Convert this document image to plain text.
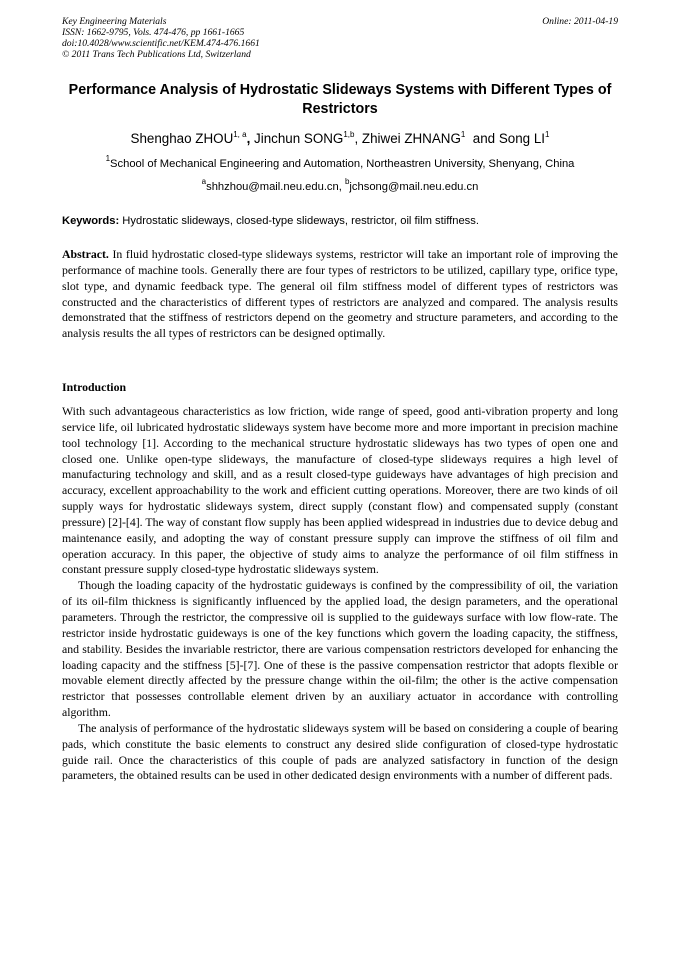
Key Engineering Materials
ISSN: 1662-9795, Vols. 474-476, pp 1661-1665
doi:10.4028/www.scientific.net/KEM.474-476.1661
© 2011 Trans Tech Publications Ltd, Switzerland
Online: 2011-04-19
Performance Analysis of Hydrostatic Slideways Systems with Different Types of Restrictors
Shenghao ZHOU$^{1, a}$, Jinchun SONG$^{1,b}$, Zhiwei ZHNANG$^1$  and Song $LI^1$
$^1$School of Mechanical Engineering and Automation, Northeastren University, Shenyang, China
$^a$shhzhou@mail.neu.edu.cn, $^b$jchsong@mail.neu.edu.cn
Keywords: Hydrostatic slideways, closed-type slideways, restrictor, oil film stiffness.
Abstract. In fluid hydrostatic closed-type slideways systems, restrictor will take an important role of improving the performance of machine tools. Generally there are four types of restrictors to be utilized, capillary type, orifice type, slot type, and dynamic feedback type. The general oil film stiffness model of different types of restrictors was constructed and the characteristics of different types of restrictors are analyzed and compared. The analysis results demonstrated that the stiffness of restrictors depend on the geometry and structure parameters, and according to the analysis results the all types of restrictors can be designed optimally.
Introduction

With such advantageous characteristics as low friction, wide range of speed, good anti-vibration property and long service life, oil lubricated hydrostatic slideways system have become more and more important in precision machine tool technology [1]. According to the mechanical structure hydrostatic slideways has two types of open one and closed one. Unlike open-type slideways, the manufacture of closed-type slideways requires a high level of manufacturing technology and skill, and as a result closed-type guideways have advantages of high precision and accuracy, excellent approachability to the work and efficient cutting operations. Moreover, there are two kinds of oil supply ways for hydrostatic slideways system, direct supply (constant flow) and compensated supply (constant pressure) [2]-[4]. The way of constant flow supply has been applied widespread in industries due to device debug and maintenance easily, and adopting the way of constant pressure supply can improve the stiffness of oil film and operation accuracy. In this paper, the objective of study aims to analyze the performance of oil film stiffness in constant pressure supply closed-type hydrostatic slideways system.

Though the loading capacity of the hydrostatic guideways is confined by the compressibility of oil, the variation of its oil-film thickness is significantly influenced by the applied load, the design parameters, and the operational parameters. Through the restrictor, the compressive oil is supplied to the guideways surface with low flow-rate. The restrictor inside hydrostatic guideways is one of the key functions which govern the loading capacity, the stiffness, and stability. Besides the invariable restrictor, there are various compensation restrictors developed for enhancing the loading capacity and the stiffness [5]-[7]. One of these is the passive compensation restrictor that adopts flexible or movable element directly affected by the pressure change within the oil-film; the other is the active compensation restrictor that possesses controllable element driven by an auxiliary actuator in accordance with controlling algorithm.

The analysis of performance of the hydrostatic slideways system will be based on considering a couple of bearing pads, which constitute the basic elements to construct any desired slide configuration of closed-type hydrostatic guide rail. Once the characteristics of this couple of pads are analyzed satisfactory in function of the design parameters, the obtained results can be used in other dedicated design environments with a number of different pads.
